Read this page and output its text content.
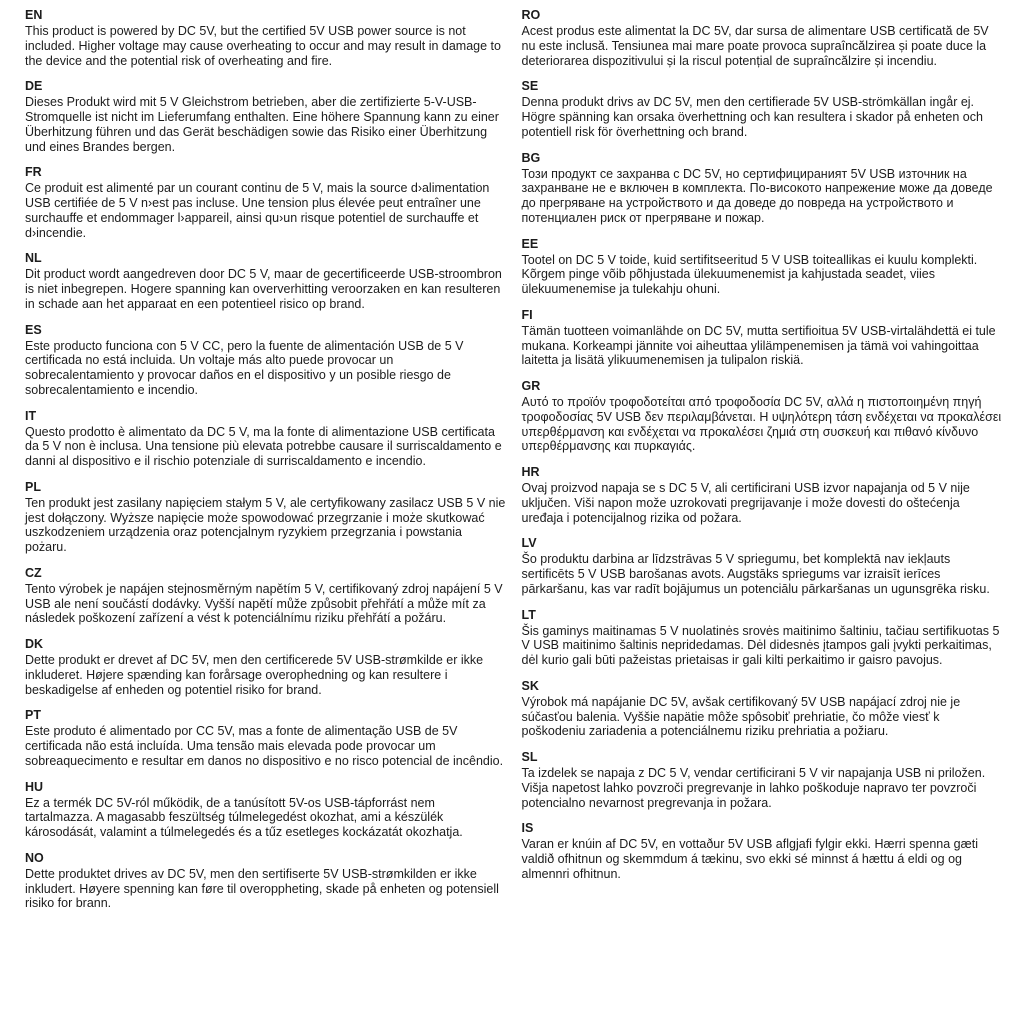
EN

This product is powered by DC 5V, but the certified 5V USB power source is not included. Higher voltage may cause overheating to occur and may result in damage to the device and the potential risk of overheating and fire.

DE

Dieses Produkt wird mit 5 V Gleichstrom betrieben, aber die zertifizierte 5-V-USB-Stromquelle ist nicht im Lieferumfang enthalten. Eine höhere Spannung kann zu einer Überhitzung führen und das Gerät beschädigen sowie das Risiko einer Überhitzung und eines Brandes bergen.

FR

Ce produit est alimenté par un courant continu de 5 V, mais la source d›alimentation USB certifiée de 5 V n›est pas incluse. Une tension plus élevée peut entraîner une surchauffe et endommager l›appareil, ainsi qu›un risque potentiel de surchauffe et d›incendie.

NL

Dit product wordt aangedreven door DC 5 V, maar de gecertificeerde USB-stroombron is niet inbegrepen. Hogere spanning kan oververhitting veroorzaken en kan resulteren in schade aan het apparaat en een potentieel risico op brand.

ES

Este producto funciona con 5 V CC, pero la fuente de alimentación USB de 5 V certificada no está incluida. Un voltaje más alto puede provocar un sobrecalentamiento y provocar daños en el dispositivo y un posible riesgo de sobrecalentamiento e incendio.

IT

Questo prodotto è alimentato da DC 5 V, ma la fonte di alimentazione USB certificata da 5 V non è inclusa. Una tensione più elevata potrebbe causare il surriscaldamento e danni al dispositivo e il rischio potenziale di surriscaldamento e incendio.

PL

Ten produkt jest zasilany napięciem stałym 5 V, ale certyfikowany zasilacz USB 5 V nie jest dołączony. Wyższe napięcie może spowodować przegrzanie i może skutkować uszkodzeniem urządzenia oraz potencjalnym ryzykiem przegrzania i powstania pożaru.

CZ

Tento výrobek je napájen stejnosměrným napětím 5 V, certifikovaný zdroj napájení 5 V USB ale není součástí dodávky. Vyšší napětí může způsobit přehřátí a může mít za následek poškození zařízení a vést k potenciálnímu riziku přehřátí a požáru.

DK

Dette produkt er drevet af DC 5V, men den certificerede 5V USB-strømkilde er ikke inkluderet. Højere spænding kan forårsage overophedning og kan resultere i beskadigelse af enheden og potentiel risiko for brand.

PT

Este produto é alimentado por CC 5V, mas a fonte de alimentação USB de 5V certificada não está incluída. Uma tensão mais elevada pode provocar um sobreaquecimento e resultar em danos no dispositivo e no risco potencial de incêndio.

HU

Ez a termék DC 5V-ról működik, de a tanúsított 5V-os USB-tápforrást nem tartalmazza. A magasabb feszültség túlmelegedést okozhat, ami a készülék károsodását, valamint a túlmelegedés és a tűz esetleges kockázatát okozhatja.

NO

Dette produktet drives av DC 5V, men den sertifiserte 5V USB-strømkilden er ikke inkludert. Høyere spenning kan føre til overoppheting, skade på enheten og potensiell risiko for brann.

RO

Acest produs este alimentat la DC 5V, dar sursa de alimentare USB certificată de 5V nu este inclusă. Tensiunea mai mare poate provoca supraîncălzirea și poate duce la deteriorarea dispozitivului și la riscul potențial de supraîncălzire și incendiu.

SE

Denna produkt drivs av DC 5V, men den certifierade 5V USB-strömkällan ingår ej. Högre spänning kan orsaka överhettning och kan resultera i skador på enheten och potentiell risk för överhettning och brand.

BG

Този продукт се захранва с DC 5V, но сертифицираният 5V USB източник на захранване не е включен в комплекта. По-високото напрежение може да доведе до прегряване на устройството и да доведе до повреда на устройството и потенциален риск от прегряване и пожар.

EE

Tootel on DC 5 V toide, kuid sertifitseeritud 5 V USB toiteallikas ei kuulu komplekti. Kõrgem pinge võib põhjustada ülekuumenemist ja kahjustada seadet, viies ülekuumenemise ja tulekahju ohuni.

FI

Tämän tuotteen voimanlähde on DC 5V, mutta sertifioitua 5V USB-virtalähdettä ei tule mukana. Korkeampi jännite voi aiheuttaa ylilämpenemisen ja tämä voi vahingoittaa laitetta ja lisätä ylikuumenemisen ja tulipalon riskiä.

GR

Αυτό το προϊόν τροφοδοτείται από τροφοδοσία DC 5V, αλλά η πιστοποιημένη πηγή τροφοδοσίας 5V USB δεν περιλαμβάνεται. Η υψηλότερη τάση ενδέχεται να προκαλέσει υπερθέρμανση και ενδέχεται να προκαλέσει ζημιά στη συσκευή και πιθανό κίνδυνο υπερθέρμανσης και πυρκαγιάς.

HR

Ovaj proizvod napaja se s DC 5 V, ali certificirani USB izvor napajanja od 5 V nije uključen. Viši napon može uzrokovati pregrijavanje i može dovesti do oštećenja uređaja i potencijalnog rizika od požara.

LV

Šo produktu darbina ar līdzstrāvas 5 V spriegumu, bet komplektā nav iekļauts sertificēts 5 V USB barošanas avots. Augstāks spriegums var izraisīt ierīces pārkaršanu, kas var radīt bojājumus un potenciālu pārkaršanas un ugunsgrēka risku.

LT

Šis gaminys maitinamas 5 V nuolatinės srovės maitinimo šaltiniu, tačiau sertifikuotas 5 V USB maitinimo šaltinis nepridedamas. Dėl didesnės įtampos gali įvykti perkaitimas, dėl kurio gali būti pažeistas prietaisas ir gali kilti perkaitimo ir gaisro pavojus.

SK

Výrobok má napájanie DC 5V, avšak certifikovaný 5V USB napájací zdroj nie je súčasťou balenia. Vyššie napätie môže spôsobiť prehriatie, čo môže viesť k poškodeniu zariadenia a potenciálnemu riziku prehriatia a požiaru.

SL

Ta izdelek se napaja z DC 5 V, vendar certificirani 5 V vir napajanja USB ni priložen. Višja napetost lahko povzroči pregrevanje in lahko poškoduje napravo ter povzroči potencialno nevarnost pregrevanja in požara.

IS

Varan er knúin af DC 5V, en vottaður 5V USB aflgjafi fylgir ekki. Hærri spenna gæti valdið ofhitnun og skemmdum á tækinu, svo ekki sé minnst á hættu á eldi og og almennri ofhitnun.
